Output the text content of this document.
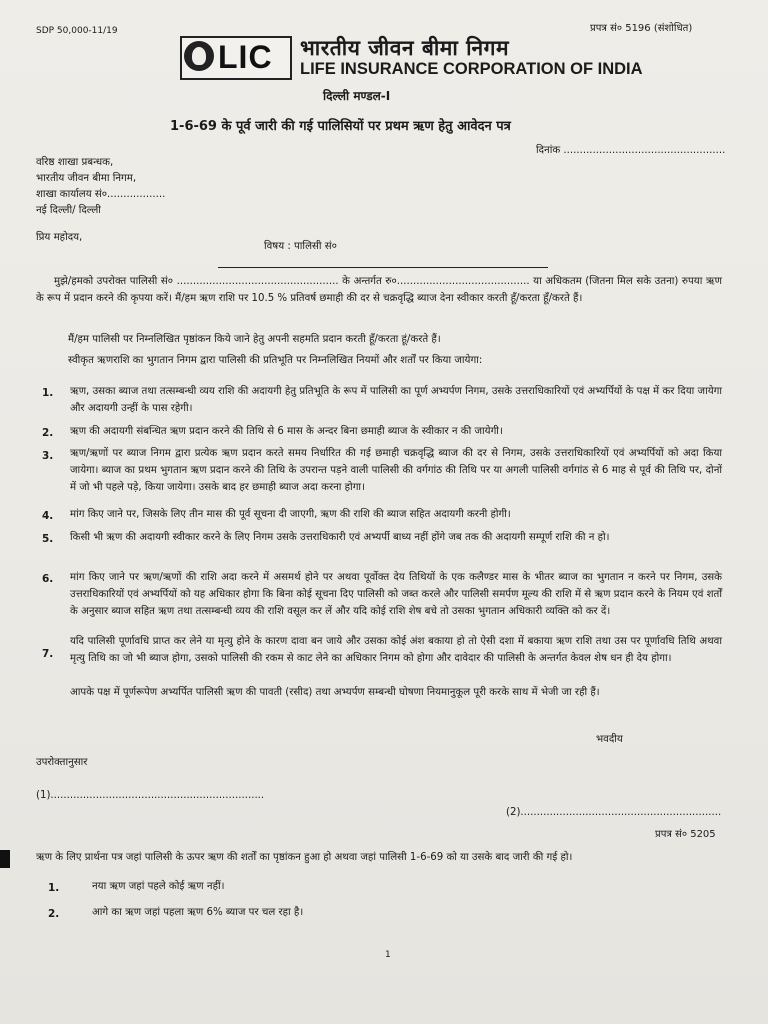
SDP 50,000-11/19	प्रपत्र सं० 5196 (संशोधित)
LIC भारतीय जीवन बीमा निगम
LIFE INSURANCE CORPORATION OF INDIA
दिल्ली मण्डल-I
1-6-69 के पूर्व जारी की गई पालिसियों पर प्रथम ऋण हेतु आवेदन पत्र
दिनांक ..................................................
वरिष्ठ शाखा प्रबन्धक,
भारतीय जीवन बीमा निगम,
शाखा कार्यालय सं०..................
नई दिल्ली/ दिल्ली
प्रिय महोदय,
विषय : पालिसी सं०
मुझे/हमको उपरोक्त पालिसी सं० .................................................. के अन्तर्गत रु०......................................... या अधिकतम (जितना मिल सके उतना) रुपया ऋण के रूप में प्रदान करने की कृपया करें। मैं/हम ऋण राशि पर 10.5 % प्रतिवर्ष छमाही की दर से चक्रवृद्धि ब्याज देना स्वीकार करती हूँ/करता हूँ/करते हैं।
मैं/हम पालिसी पर निम्नलिखित पृष्ठांकन किये जाने हेतु अपनी सहमति प्रदान करती हूँ/करता हूं/करते हैं।
स्वीकृत ऋणराशि का भुगतान निगम द्वारा पालिसी की प्रतिभूति पर निम्नलिखित नियमों और शर्तों पर किया जायेगा:
1. ऋण, उसका ब्याज तथा तत्सम्बन्धी व्यय राशि की अदायगी हेतु प्रतिभूति के रूप में पालिसी का पूर्ण अभ्यर्पण निगम, उसके उत्तराधिकारियों एवं अभ्यर्पियों के पक्ष में कर दिया जायेगा और अदायगी उन्हीं के पास रहेगी।
2. ऋण की अदायगी संबन्धित ऋण प्रदान करने की तिथि से 6 मास के अन्दर बिना छमाही ब्याज के स्वीकार न की जायेगी।
3. ऋण/ऋणों पर ब्याज निगम द्वारा प्रत्येक ऋण प्रदान करते समय निर्धारित की गई छमाही चक्रवृद्धि ब्याज की दर से निगम, उसके उत्तराधिकारियों एवं अभ्यर्पियों को अदा किया जायेगा। ब्याज का प्रथम भुगतान ऋण प्रदान करने की तिथि के उपरान्त पड़ने वाली पालिसी की वर्गगांठ की तिथि पर या अगली पालिसी वर्गगांठ से 6 माह से पूर्व की तिथि पर, दोनों में जो भी पहले पड़े, किया जायेगा। उसके बाद हर छमाही ब्याज अदा करना होगा।
4. मांग किए जाने पर, जिसके लिए तीन मास की पूर्व सूचना दी जाएगी, ऋण की राशि की ब्याज सहित अदायगी करनी होगी।
5. किसी भी ऋण की अदायगी स्वीकार करने के लिए निगम उसके उत्तराधिकारी एवं अभ्यर्पी बाध्य नहीं होंगे जब तक की अदायगी सम्पूर्ण राशि की न हो।
6. मांग किए जाने पर ऋण/ऋणों की राशि अदा करने में असमर्थ होने पर अथवा पूर्वोक्त देय तिथियों के एक कलैण्डर मास के भीतर ब्याज का भुगतान न करने पर निगम, उसके उत्तराधिकारियों एवं अभ्यर्पियों को यह अधिकार होगा कि बिना कोई सूचना दिए पालिसी को जब्त करले और पालिसी समर्पण मूल्य की राशि में से ऋण प्रदान करने के नियम एवं शर्तों के अनुसार ब्याज सहित ऋण तथा तत्सम्बन्धी व्यय की राशि वसूल कर लें और यदि कोई राशि शेष बचे तो उसका भुगतान अधिकारी व्यक्ति को कर दें।
7.
यदि पालिसी पूर्णावधि प्राप्त कर लेने या मृत्यु होने के कारण दावा बन जाये और उसका कोई अंश बकाया हो तो ऐसी दशा में बकाया ऋण राशि तथा उस पर पूर्णावधि तिथि अथवा मृत्यु तिथि का जो भी ब्याज होगा, उसको पालिसी की रकम से काट लेने का अधिकार निगम को होगा और दावेदार की पालिसी के अन्तर्गत केवल शेष धन ही देय होगा।
आपके पक्ष में पूर्णरूपेण अभ्यर्पित पालिसी ऋण की पावती (रसीद) तथा अभ्यर्पण सम्बन्धी घोषणा नियमानुकूल पूरी करके साथ में भेजी जा रही हैं।
भवदीय
उपरोक्तानुसार
(1)..................................................................
(2)..............................................................
प्रपत्र सं० 5205
ऋण के लिए प्रार्थना पत्र जहां पालिसी के ऊपर ऋण की शर्तों का पृष्ठांकन हुआ हो अथवा जहां पालिसी 1-6-69 को या उसके बाद जारी की गई हो।
1.	नया ऋण जहां पहले कोई ऋण नहीं।
2.	आगे का ऋण जहां पहला ऋण 6% ब्याज पर चल रहा है।
1
